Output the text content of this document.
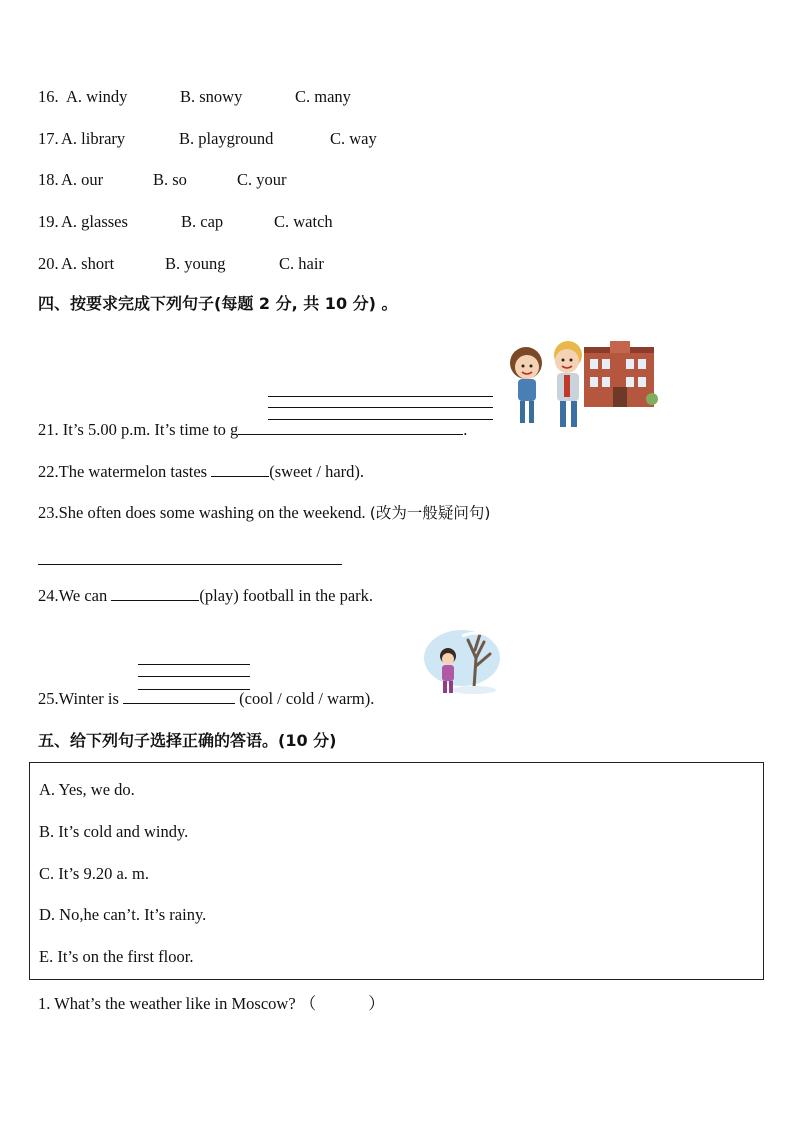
16. A. windy	B. snowy	C. many
17. A. library	B. playground	C. way
18. A. our	B. so	C. your
19. A. glasses	B. cap	C. watch
20. A. short	B. young	C. hair
四、按要求完成下列句子(每题 2 分, 共 10 分) 。
21. It’s 5.00 p.m. It’s time to g	.
22.The watermelon tastes	(sweet / hard).
23.She often does some washing on the weekend. (改为一般疑问句)
24.We can	(play) football in the park.
25.Winter is	(cool / cold / warm).
五、给下列句子选择正确的答语。(10 分)
A. Yes, we do.
B. It’s cold and windy.
C. It’s 9.20 a. m.
D. No,he can’t. It’s rainy.
E. It’s on the first floor.
1. What’s the weather like in Moscow? （	）
